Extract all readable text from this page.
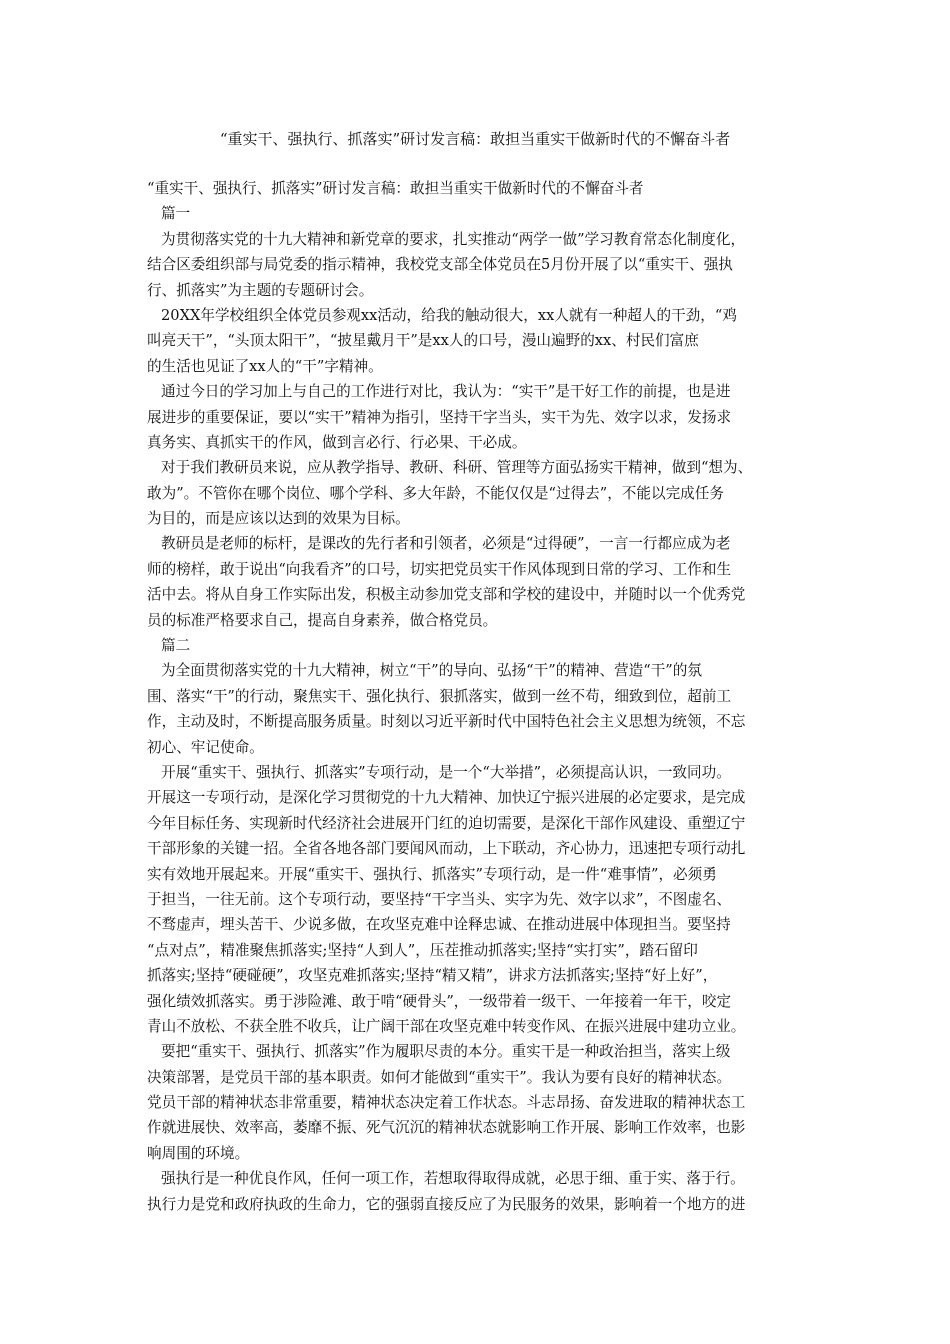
“重实干、强执行、抓落实”研讨发言稿：敢担当重实干做新时代的不懈奋斗者

“重实干、强执行、抓落实”研讨发言稿：敢担当重实干做新时代的不懈奋斗者

篇一

为贯彻落实党的十九大精神和新党章的要求，扎实推动“两学一做”学习教育常态化制度化，

结合区委组织部与局党委的指示精神，我校党支部全体党员在5月份开展了以“重实干、强执

行、抓落实”为主题的专题研讨会。

20XX年学校组织全体党员参观xx活动，给我的触动很大，xx人就有一种超人的干劲，“鸡

叫亮天干”，“头顶太阳干”，“披星戴月干”是xx人的口号，漫山遍野的xx、村民们富庶

的生活也见证了xx人的“干”字精神。

通过今日的学习加上与自己的工作进行对比，我认为：“实干”是干好工作的前提，也是进

展进步的重要保证，要以“实干”精神为指引，坚持干字当头，实干为先、效字以求，发扬求

真务实、真抓实干的作风，做到言必行、行必果、干必成。

对于我们教研员来说，应从教学指导、教研、科研、管理等方面弘扬实干精神，做到“想为、

敢为”。不管你在哪个岗位、哪个学科、多大年龄，不能仅仅是“过得去”，不能以完成任务

为目的，而是应该以达到的效果为目标。

教研员是老师的标杆，是课改的先行者和引领者，必须是“过得硬”，一言一行都应成为老

师的榜样，敢于说出“向我看齐”的口号，切实把党员实干作风体现到日常的学习、工作和生

活中去。将从自身工作实际出发，积极主动参加党支部和学校的建设中，并随时以一个优秀党

员的标准严格要求自己，提高自身素养，做合格党员。

篇二

为全面贯彻落实党的十九大精神，树立“干”的导向、弘扬“干”的精神、营造“干”的氛

围、落实“干”的行动，聚焦实干、强化执行、狠抓落实，做到一丝不苟，细致到位，超前工

作，主动及时，不断提高服务质量。时刻以习近平新时代中国特色社会主义思想为统领，不忘

初心、牢记使命。

开展“重实干、强执行、抓落实”专项行动，是一个“大举措”，必须提高认识，一致同功。

开展这一专项行动，是深化学习贯彻党的十九大精神、加快辽宁振兴进展的必定要求，是完成

今年目标任务、实现新时代经济社会进展开门红的迫切需要，是深化干部作风建设、重塑辽宁

干部形象的关键一招。全省各地各部门要闻风而动，上下联动，齐心协力，迅速把专项行动扎

实有效地开展起来。开展“重实干、强执行、抓落实”专项行动，是一件“难事情”，必须勇

于担当，一往无前。这个专项行动，要坚持“干字当头、实字为先、效字以求”，不图虚名、

不骛虚声，埋头苦干、少说多做，在攻坚克难中诠释忠诚、在推动进展中体现担当。要坚持

“点对点”，精准聚焦抓落实;坚持“人到人”，压茬推动抓落实;坚持“实打实”，踏石留印

抓落实;坚持“硬碰硬”，攻坚克难抓落实;坚持“精又精”，讲求方法抓落实;坚持“好上好”，

强化绩效抓落实。勇于涉险滩、敢于啃“硬骨头”，一级带着一级干、一年接着一年干，咬定

青山不放松、不获全胜不收兵，让广阔干部在攻坚克难中转变作风、在振兴进展中建功立业。

要把“重实干、强执行、抓落实”作为履职尽责的本分。重实干是一种政治担当，落实上级

决策部署，是党员干部的基本职责。如何才能做到“重实干”。我认为要有良好的精神状态。

党员干部的精神状态非常重要，精神状态决定着工作状态。斗志昂扬、奋发进取的精神状态工

作就进展快、效率高，萎靡不振、死气沉沉的精神状态就影响工作开展、影响工作效率，也影

响周围的环境。

强执行是一种优良作风，任何一项工作，若想取得取得成就，必思于细、重于实、落于行。

执行力是党和政府执政的生命力，它的强弱直接反应了为民服务的效果，影响着一个地方的进
